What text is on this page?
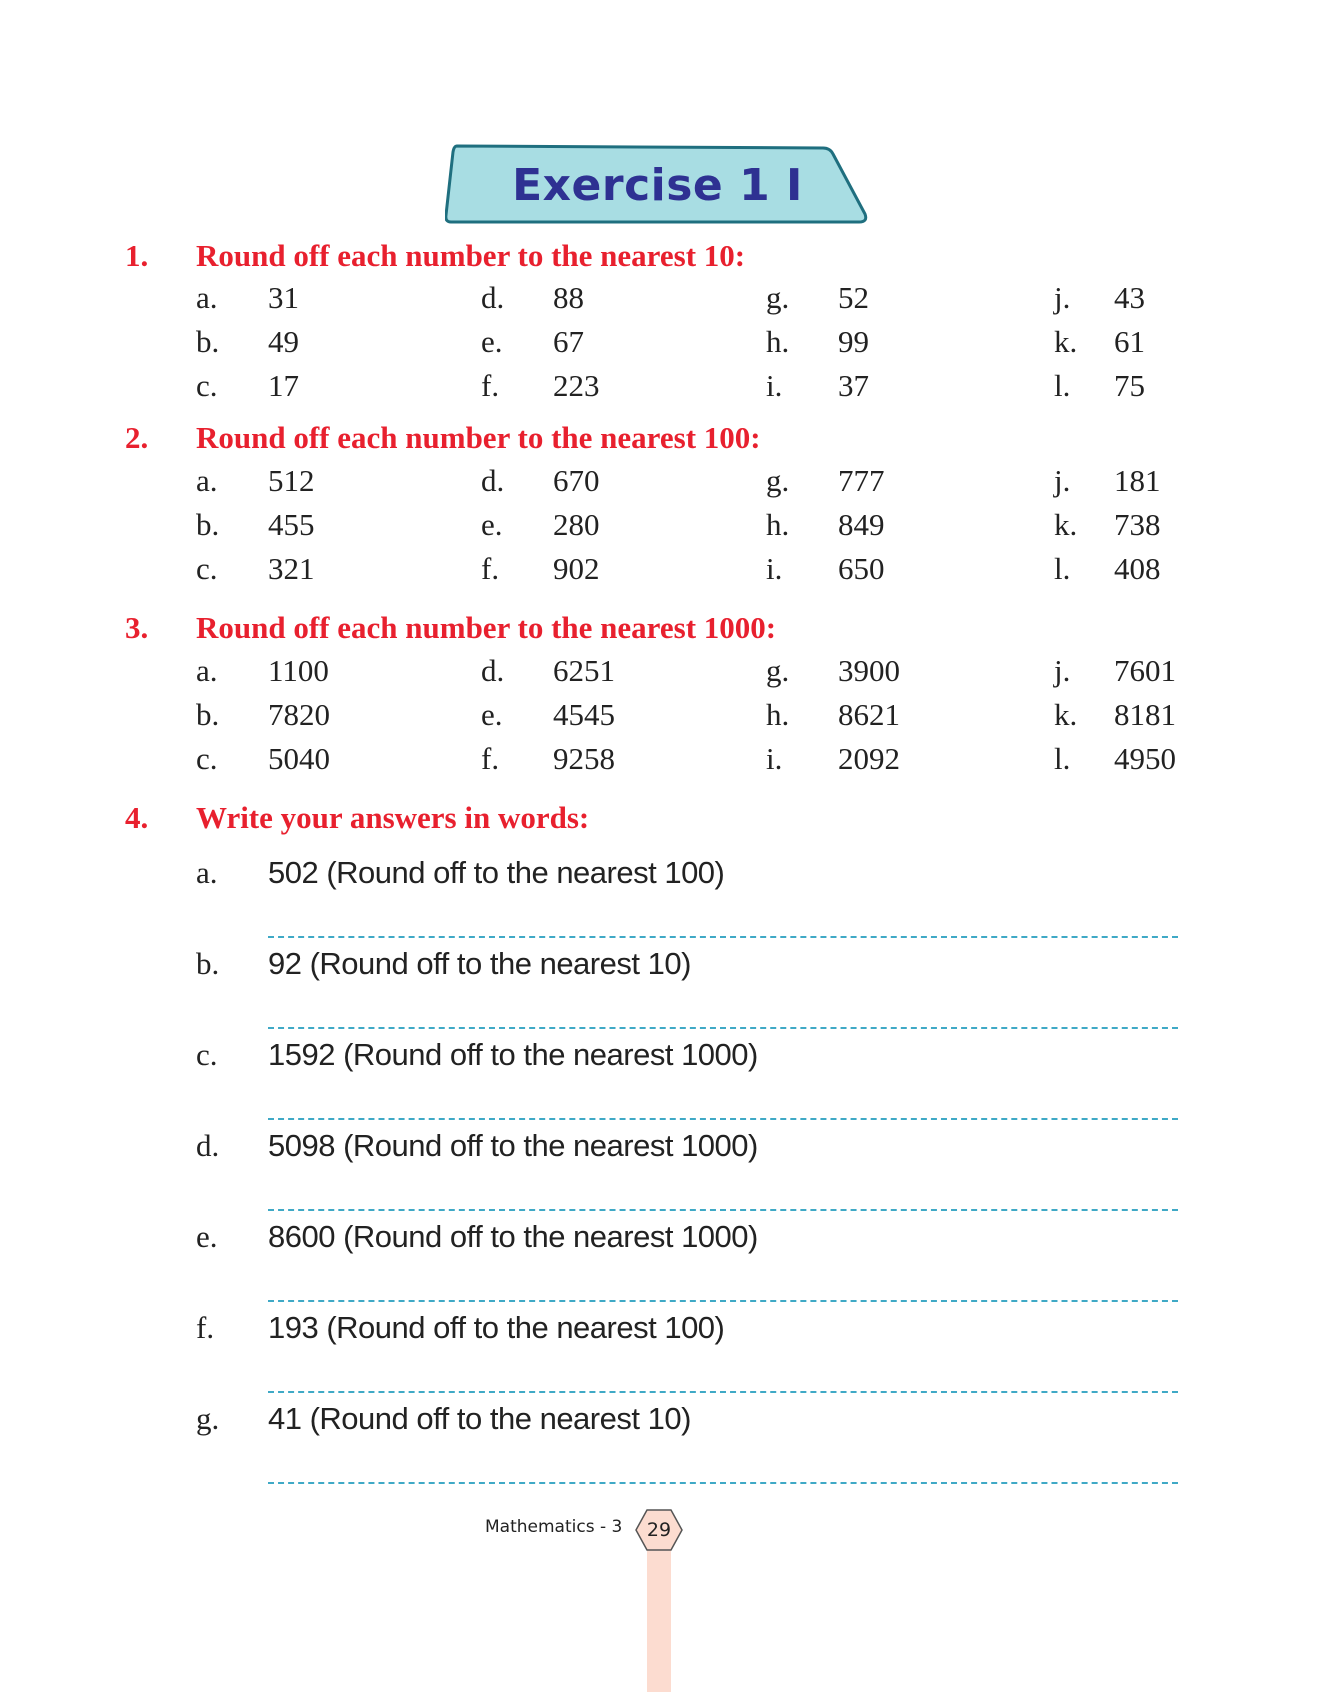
Exercise 1 I
1. Round off each number to the nearest 10:
a. 31	d. 88	g. 52	j. 43
b. 49	e. 67	h. 99	k. 61
c. 17	f. 223	i. 37	l. 75
2. Round off each number to the nearest 100:
a. 512	d. 670	g. 777	j. 181
b. 455	e. 280	h. 849	k. 738
c. 321	f. 902	i. 650	l. 408
3. Round off each number to the nearest 1000:
a. 1100	d. 6251	g. 3900	j. 7601
b. 7820	e. 4545	h. 8621	k. 8181
c. 5040	f. 9258	i. 2092	l. 4950
4. Write your answers in words:
a. 502 (Round off to the nearest 100)
b. 92 (Round off to the nearest 10)
c. 1592 (Round off to the nearest 1000)
d. 5098 (Round off to the nearest 1000)
e. 8600 (Round off to the nearest 1000)
f. 193 (Round off to the nearest 100)
g. 41 (Round off to the nearest 10)
Mathematics - 3	29
